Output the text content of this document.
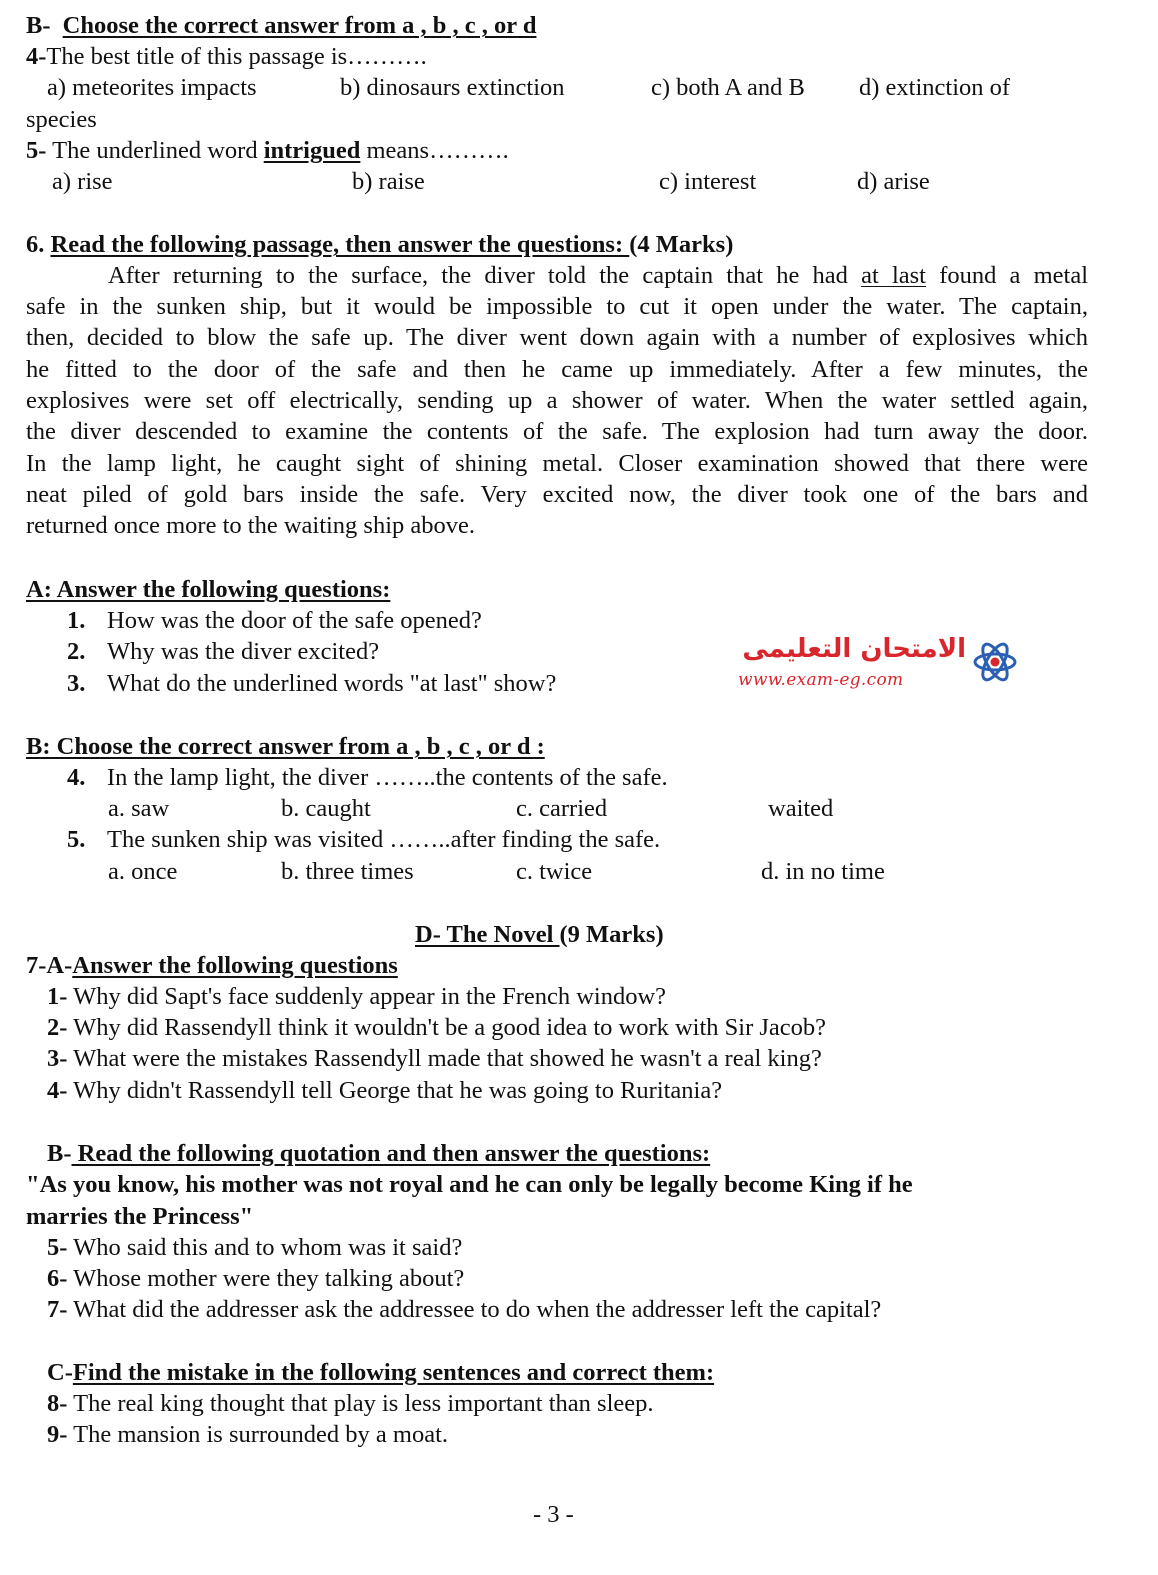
B- Choose the correct answer from a , b , c , or d
4-The best title of this passage is……….
a) meteorites impacts	b) dinosaurs extinction	c) both A and B d) extinction of
species
5- The underlined word intrigued means……….
a) rise	b) raise	c) interest	d) arise
6. Read the following passage, then answer the questions: (4 Marks)
After returning to the surface, the diver told the captain that he had at last found a metal
safe in the sunken ship, but it would be impossible to cut it open under the water. The captain,
then, decided to blow the safe up. The diver went down again with a number of explosives which
he fitted to the door of the safe and then he came up immediately. After a few minutes, the
explosives were set off electrically, sending up a shower of water. When the water settled again,
the diver descended to examine the contents of the safe. The explosion had turn away the door.
In the lamp light, he caught sight of shining metal. Closer examination showed that there were
neat piled of gold bars inside the safe. Very excited now, the diver took one of the bars and
returned once more to the waiting ship above.
A: Answer the following questions:
1. How was the door of the safe opened?
2. Why was the diver excited?
3. What do the underlined words "at last" show?
الامتحان التعليمى
www.exam-eg.com
B: Choose the correct answer from a , b , c , or d :
4. In the lamp light, the diver ……..the contents of the safe.
a. saw	b. caught	c. carried	waited
5. The sunken ship was visited ……..after finding the safe.
a. once	b. three times	c. twice	d. in no time
D- The Novel (9 Marks)
7-A-Answer the following questions
1- Why did Sapt's face suddenly appear in the French window?
2- Why did Rassendyll think it wouldn't be a good idea to work with Sir Jacob?
3- What were the mistakes Rassendyll made that showed he wasn't a real king?
4- Why didn't Rassendyll tell George that he was going to Ruritania?
B- Read the following quotation and then answer the questions:
"As you know, his mother was not royal and he can only be legally become King if he
marries the Princess"
5- Who said this and to whom was it said?
6- Whose mother were they talking about?
7- What did the addresser ask the addressee to do when the addresser left the capital?
C-Find the mistake in the following sentences and correct them:
8- The real king thought that play is less important than sleep.
9- The mansion is surrounded by a moat.
- 3 -
